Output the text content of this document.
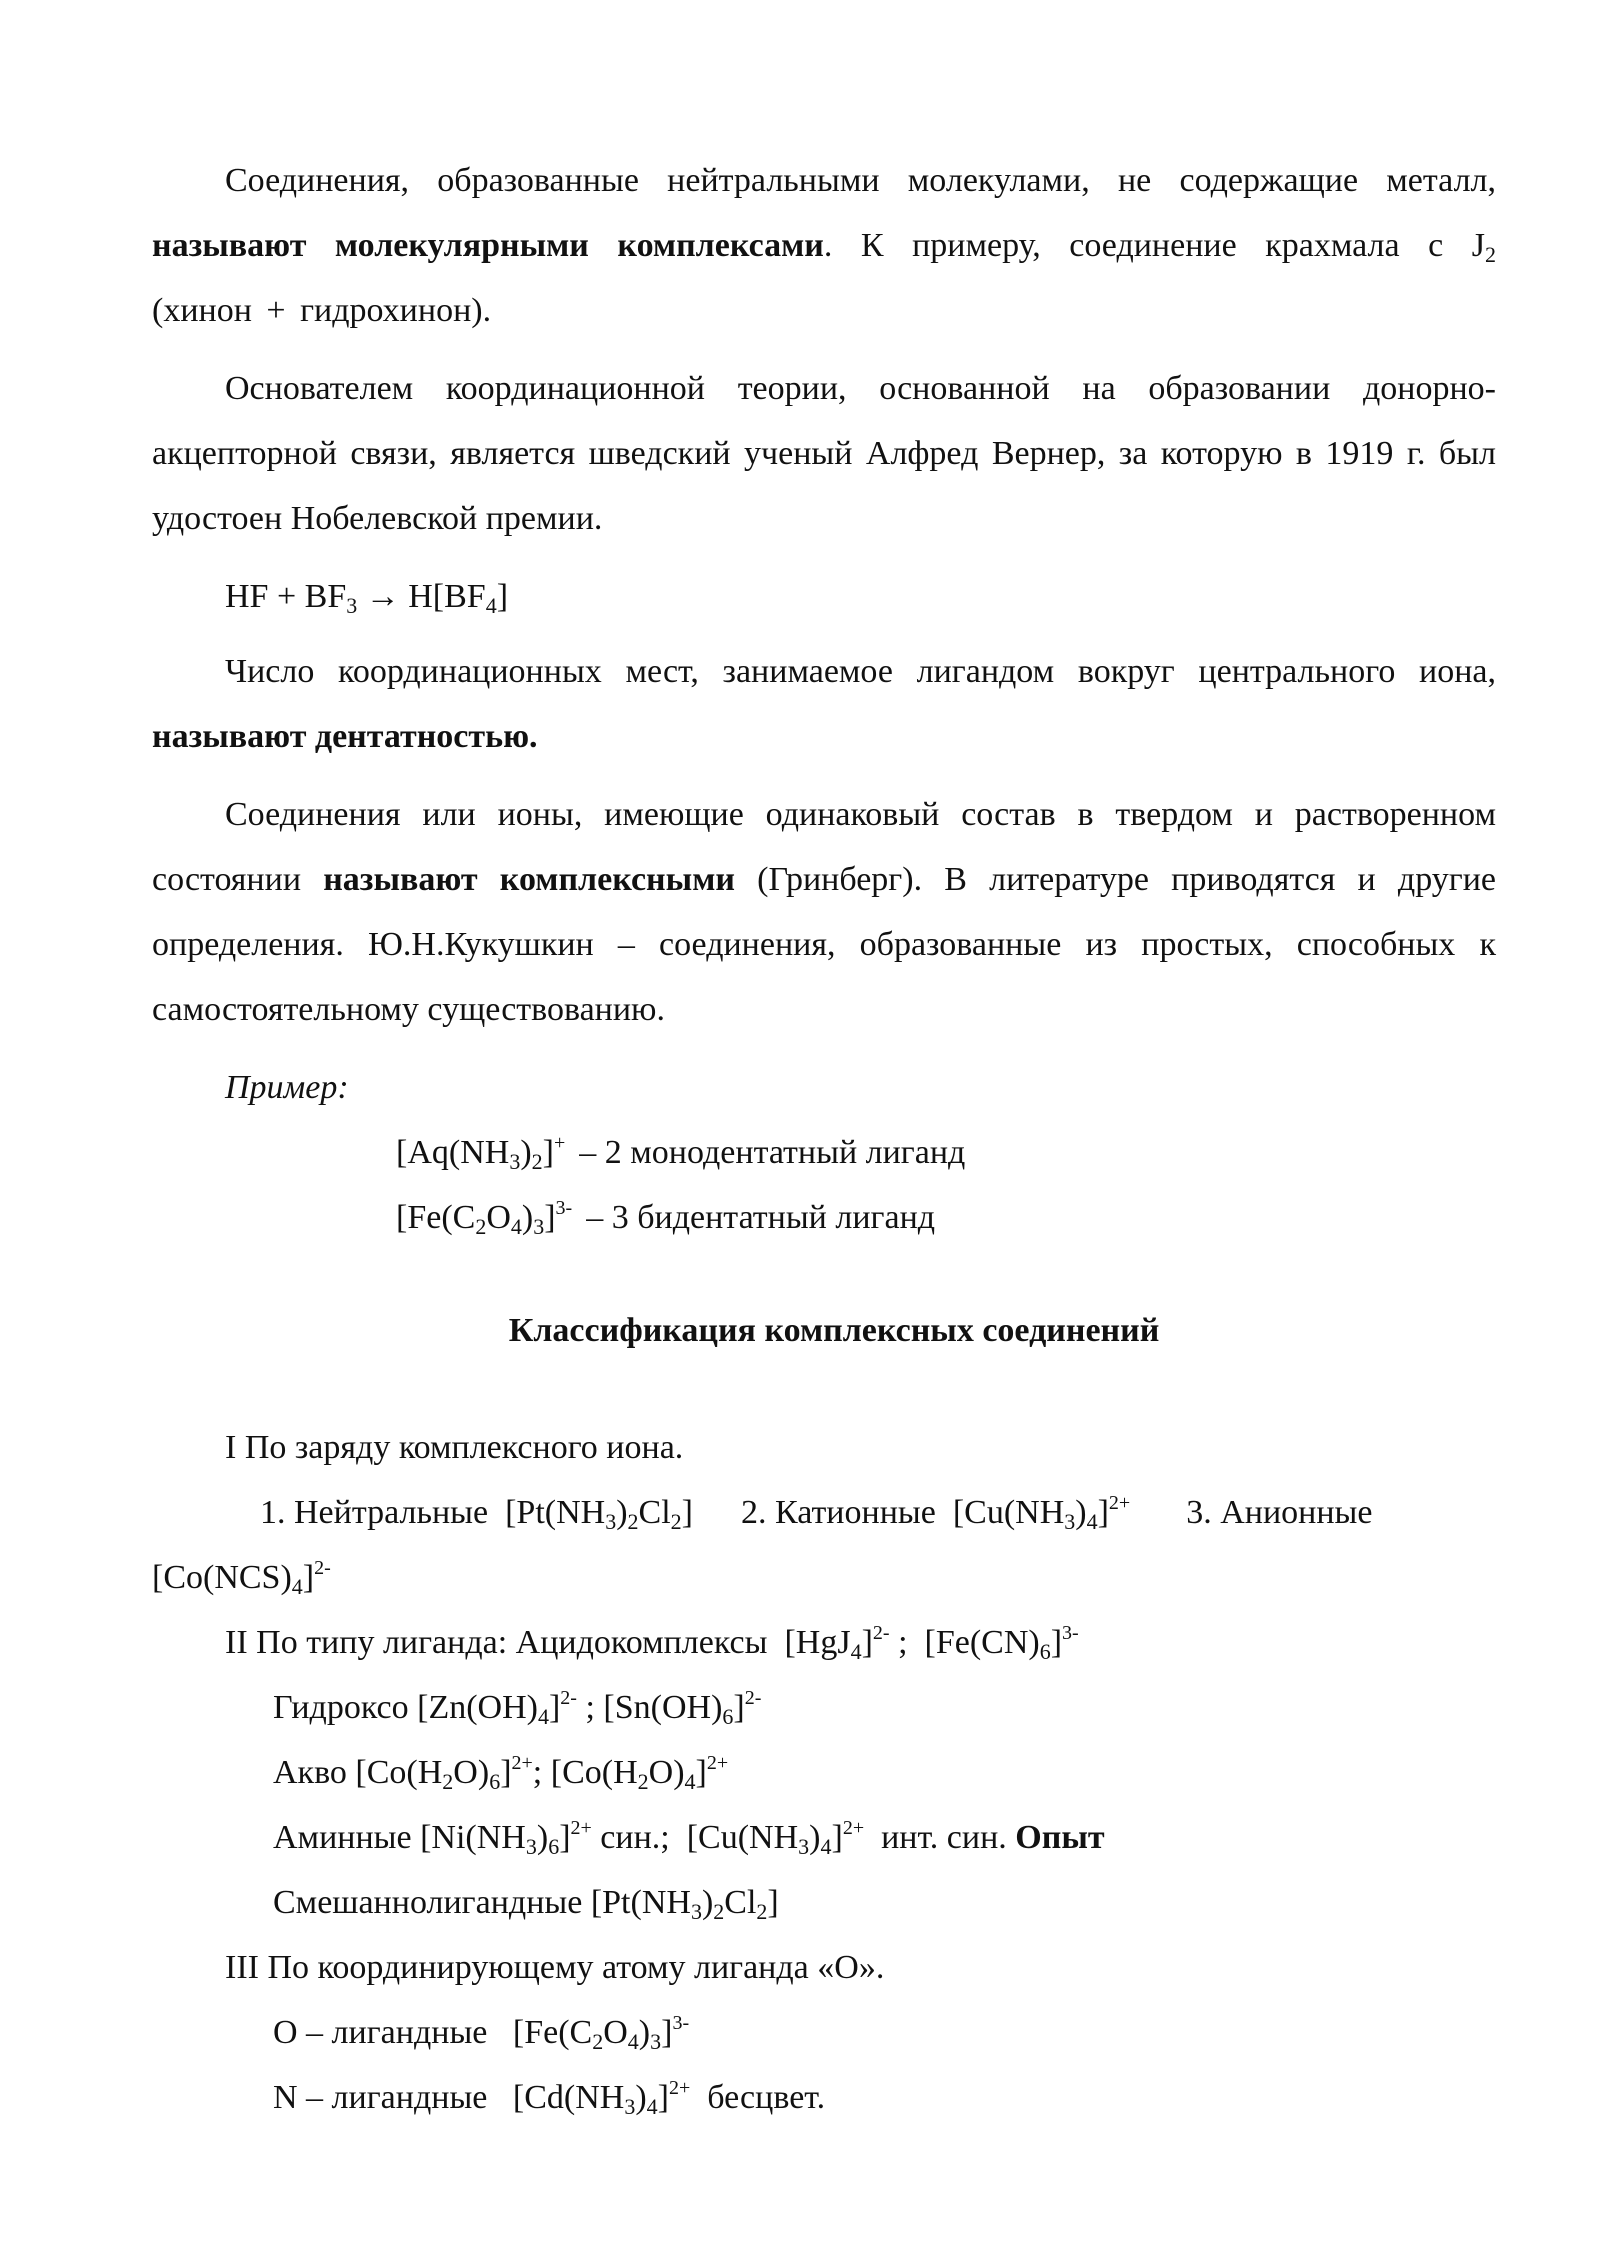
Соединения, образованные нейтральными молекулами, не содержащие металл, называют молекулярными комплексами. К примеру, соединение крахмала с $J_2$ (хинон + гидрохинон).

Основателем координационной теории, основанной на образовании донорно-акцепторной связи, является шведский ученый Алфред Вернер, за которую в 1919 г. был удостоен Нобелевской премии.

HF + $BF_3 \to H[BF_4]$

Число координационных мест, занимаемое лигандом вокруг центрального иона, называют дентатностью.

Соединения или ионы, имеющие одинаковый состав в твердом и растворенном состоянии называют комплексными (Гринберг). В литературе приводятся и другие определения. Ю.Н.Кукушкин – соединения, образованные из простых, способных к самостоятельному существованию.

Пример:

$[Aq(NH_3)_2]^+ - 2$ монодентатный лиганд

$[Fe(C_2O_4)_3]^{3-} - 3$ бидентатный лиганд

Классификация комплексных соединений

I По заряду комплексного иона.

1. Нейтральные $[Pt(NH_3)_2Cl_2]$ 2. Катионные $[Cu(NH_3)_4]^{2+}$ 3. Анионные

$[Co(NCS)_4]^{2-}$

II По типу лиганда: Ацидокомплексы $[HgJ_4]^{2-}$ ; $[Fe(CN)_6]^{3-}$

Гидроксо $[Zn(OH)_4]^{2-}$ ; $[Sn(OH)_6]^{2-}$

Акво $[Co(H_2O)_6]^{2+}$; $[Co(H_2O)_4]^{2+}$

Аминные $[Ni(NH_3)_6]^{2+}$ син.; $[Cu(NH_3)_4]^{2+}$  инт. син. Опыт

Смешаннолигандные $[Pt(NH_3)_2Cl_2]$

III По координирующему атому лиганда «О».

О – лигандные $[Fe(C_2O_4)_3]^{3-}$

N – лигандные $[Cd(NH_3)_4]^{2+}$  бесцвет.
